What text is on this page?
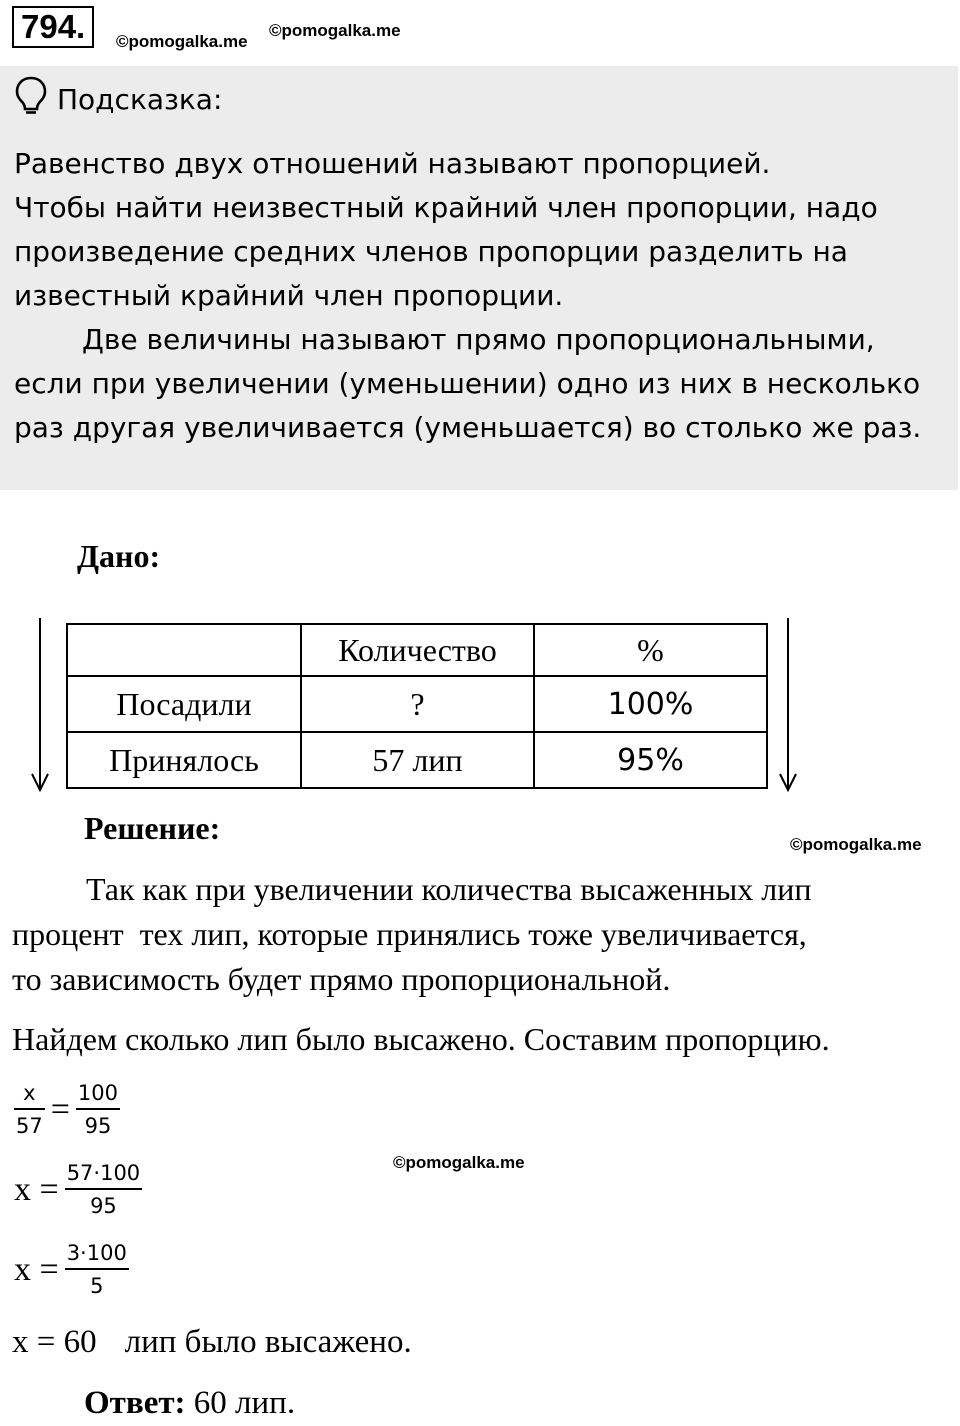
794.	©pomogalka.me
©pomogalka.me
Подсказка:
Равенство двух отношений называют пропорцией.
Чтобы найти неизвестный крайний член пропорции, надо
произведение средних членов пропорции разделить на
известный крайний член пропорции.
Две величины называют прямо пропорциональными,
если при увеличении (уменьшении) одно из них в несколько
раз другая увеличивается (уменьшается) во столько же раз.
Дано:
	Количество	%
Посадили	?	100%
Принялось	57 лип	95%
Решение:	©pomogalka.me
Так как при увеличении количества высаженных лип
процент  тех лип, которые принялись тоже увеличивается,
то зависимость будет прямо пропорциональной.
Найдем сколько лип было высажено. Составим пропорцию.
$\frac{x}{57} = \frac{100}{95}$
©pomogalka.me
$x = \frac{57\cdot 100}{95}$
$x = \frac{3\cdot 100}{5}$
x = 60 лип было высажено.
Ответ: 60 лип.
